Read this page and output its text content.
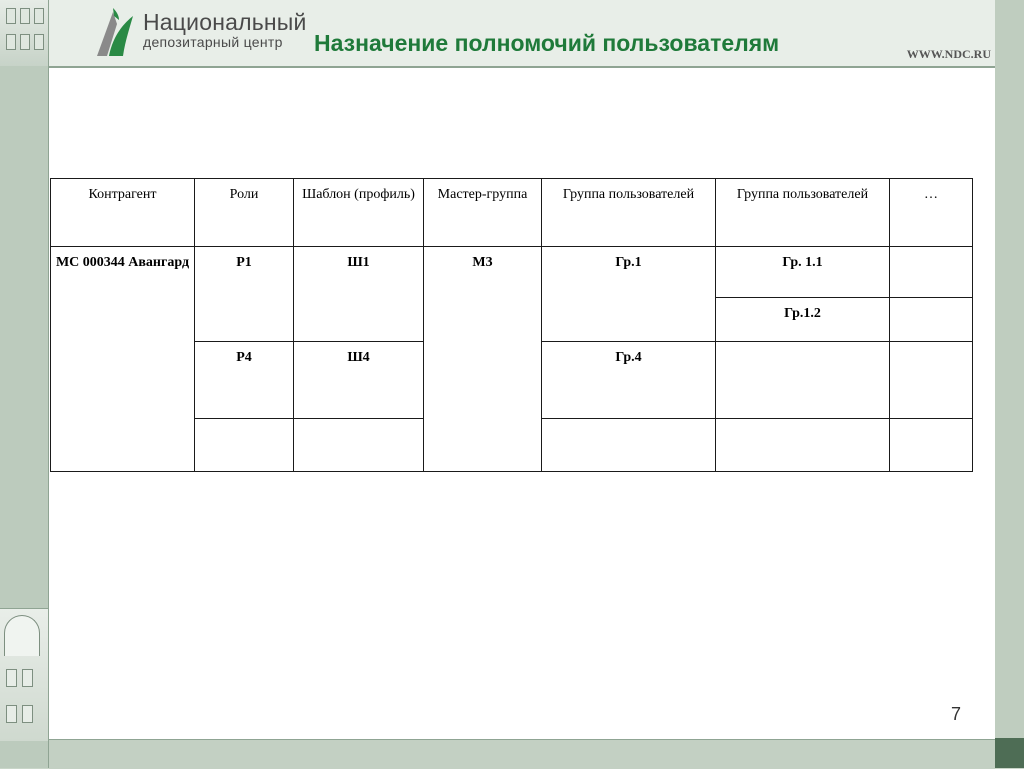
Национальный
депозитарный центр	Назначение полномочий пользователям	WWW.NDC.RU
Контрагент	Роли	Шаблон (профиль)	Мастер-группа	Группа пользователей	Группа пользователей	…
МС 000344 Авангард	Р1	Ш1	М3	Гр.1	Гр. 1.1	
					Гр.1.2	
	Р4	Ш4		Гр.4		

7
